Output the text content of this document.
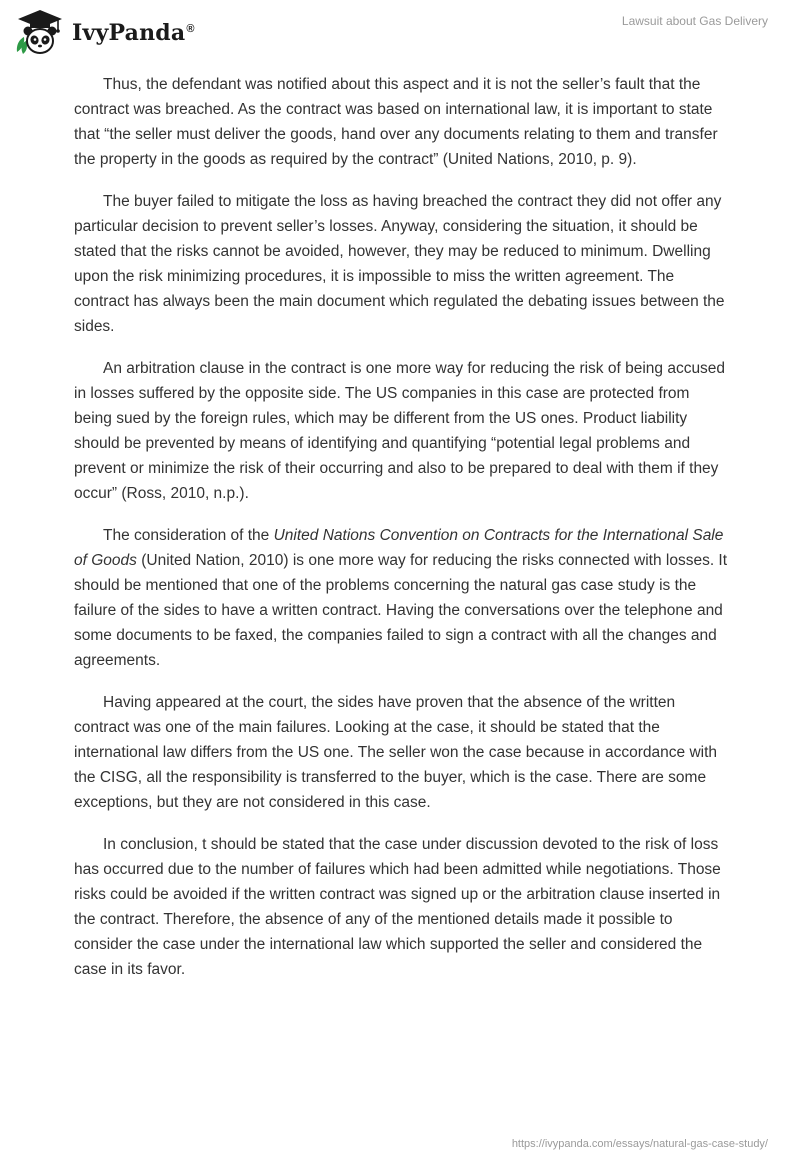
IvyPanda®
Lawsuit about Gas Delivery

Thus, the defendant was notified about this aspect and it is not the seller’s fault that the contract was breached. As the contract was based on international law, it is important to state that “the seller must deliver the goods, hand over any documents relating to them and transfer the property in the goods as required by the contract” (United Nations, 2010, p. 9).

The buyer failed to mitigate the loss as having breached the contract they did not offer any particular decision to prevent seller’s losses. Anyway, considering the situation, it should be stated that the risks cannot be avoided, however, they may be reduced to minimum. Dwelling upon the risk minimizing procedures, it is impossible to miss the written agreement. The contract has always been the main document which regulated the debating issues between the sides.

An arbitration clause in the contract is one more way for reducing the risk of being accused in losses suffered by the opposite side. The US companies in this case are protected from being sued by the foreign rules, which may be different from the US ones. Product liability should be prevented by means of identifying and quantifying “potential legal problems and prevent or minimize the risk of their occurring and also to be prepared to deal with them if they occur” (Ross, 2010, n.p.).

The consideration of the United Nations Convention on Contracts for the International Sale of Goods (United Nation, 2010) is one more way for reducing the risks connected with losses. It should be mentioned that one of the problems concerning the natural gas case study is the failure of the sides to have a written contract. Having the conversations over the telephone and some documents to be faxed, the companies failed to sign a contract with all the changes and agreements.

Having appeared at the court, the sides have proven that the absence of the written contract was one of the main failures. Looking at the case, it should be stated that the international law differs from the US one. The seller won the case because in accordance with the CISG, all the responsibility is transferred to the buyer, which is the case. There are some exceptions, but they are not considered in this case.

In conclusion, t should be stated that the case under discussion devoted to the risk of loss has occurred due to the number of failures which had been admitted while negotiations. Those risks could be avoided if the written contract was signed up or the arbitration clause inserted in the contract. Therefore, the absence of any of the mentioned details made it possible to consider the case under the international law which supported the seller and considered the case in its favor.

https://ivypanda.com/essays/natural-gas-case-study/
